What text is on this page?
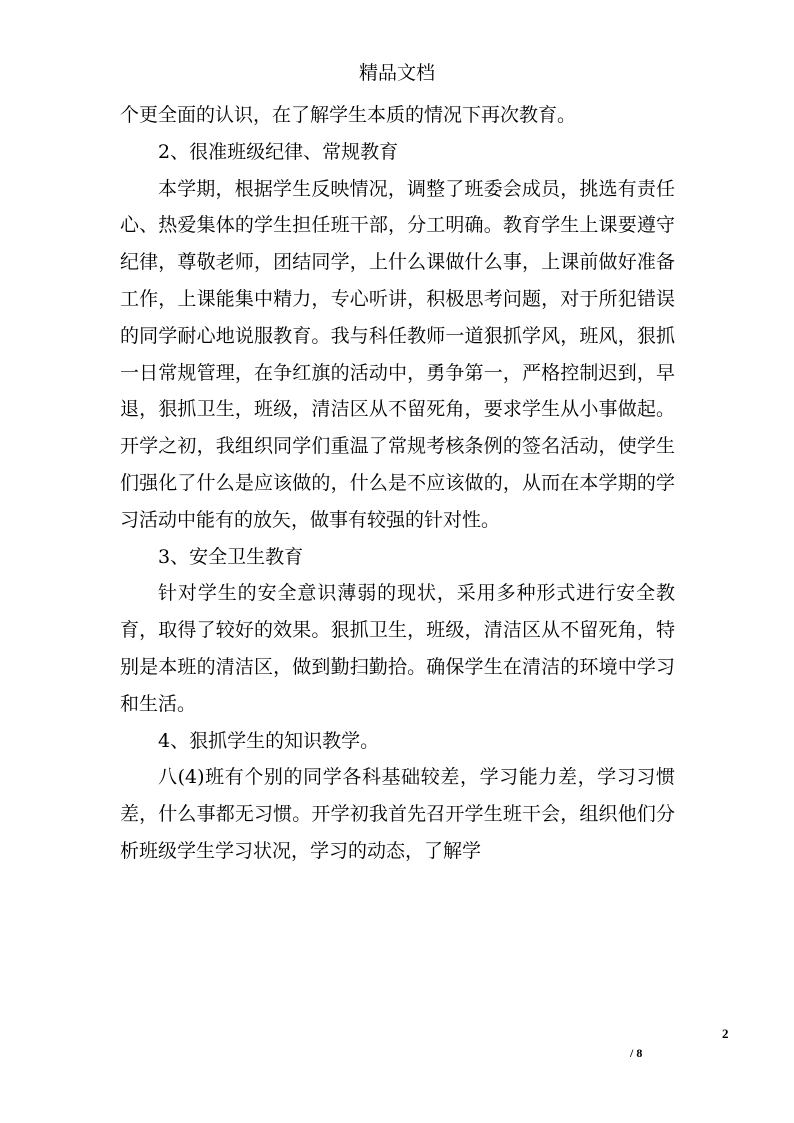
精品文档

个更全面的认识，在了解学生本质的情况下再次教育。

2、很准班级纪律、常规教育

本学期，根据学生反映情况，调整了班委会成员，挑选有责任心、热爱集体的学生担任班干部，分工明确。教育学生上课要遵守纪律，尊敬老师，团结同学，上什么课做什么事，上课前做好准备工作，上课能集中精力，专心听讲，积极思考问题，对于所犯错误的同学耐心地说服教育。我与科任教师一道狠抓学风，班风，狠抓一日常规管理，在争红旗的活动中，勇争第一，严格控制迟到，早退，狠抓卫生，班级，清洁区从不留死角，要求学生从小事做起。开学之初，我组织同学们重温了常规考核条例的签名活动，使学生们强化了什么是应该做的，什么是不应该做的，从而在本学期的学习活动中能有的放矢，做事有较强的针对性。

3、安全卫生教育

针对学生的安全意识薄弱的现状，采用多种形式进行安全教育，取得了较好的效果。狠抓卫生，班级，清洁区从不留死角，特别是本班的清洁区，做到勤扫勤拾。确保学生在清洁的环境中学习和生活。

4、狠抓学生的知识教学。

八(4)班有个别的同学各科基础较差，学习能力差，学习习惯差，什么事都无习惯。开学初我首先召开学生班干会，组织他们分析班级学生学习状况，学习的动态，了解学

2
/ 8
